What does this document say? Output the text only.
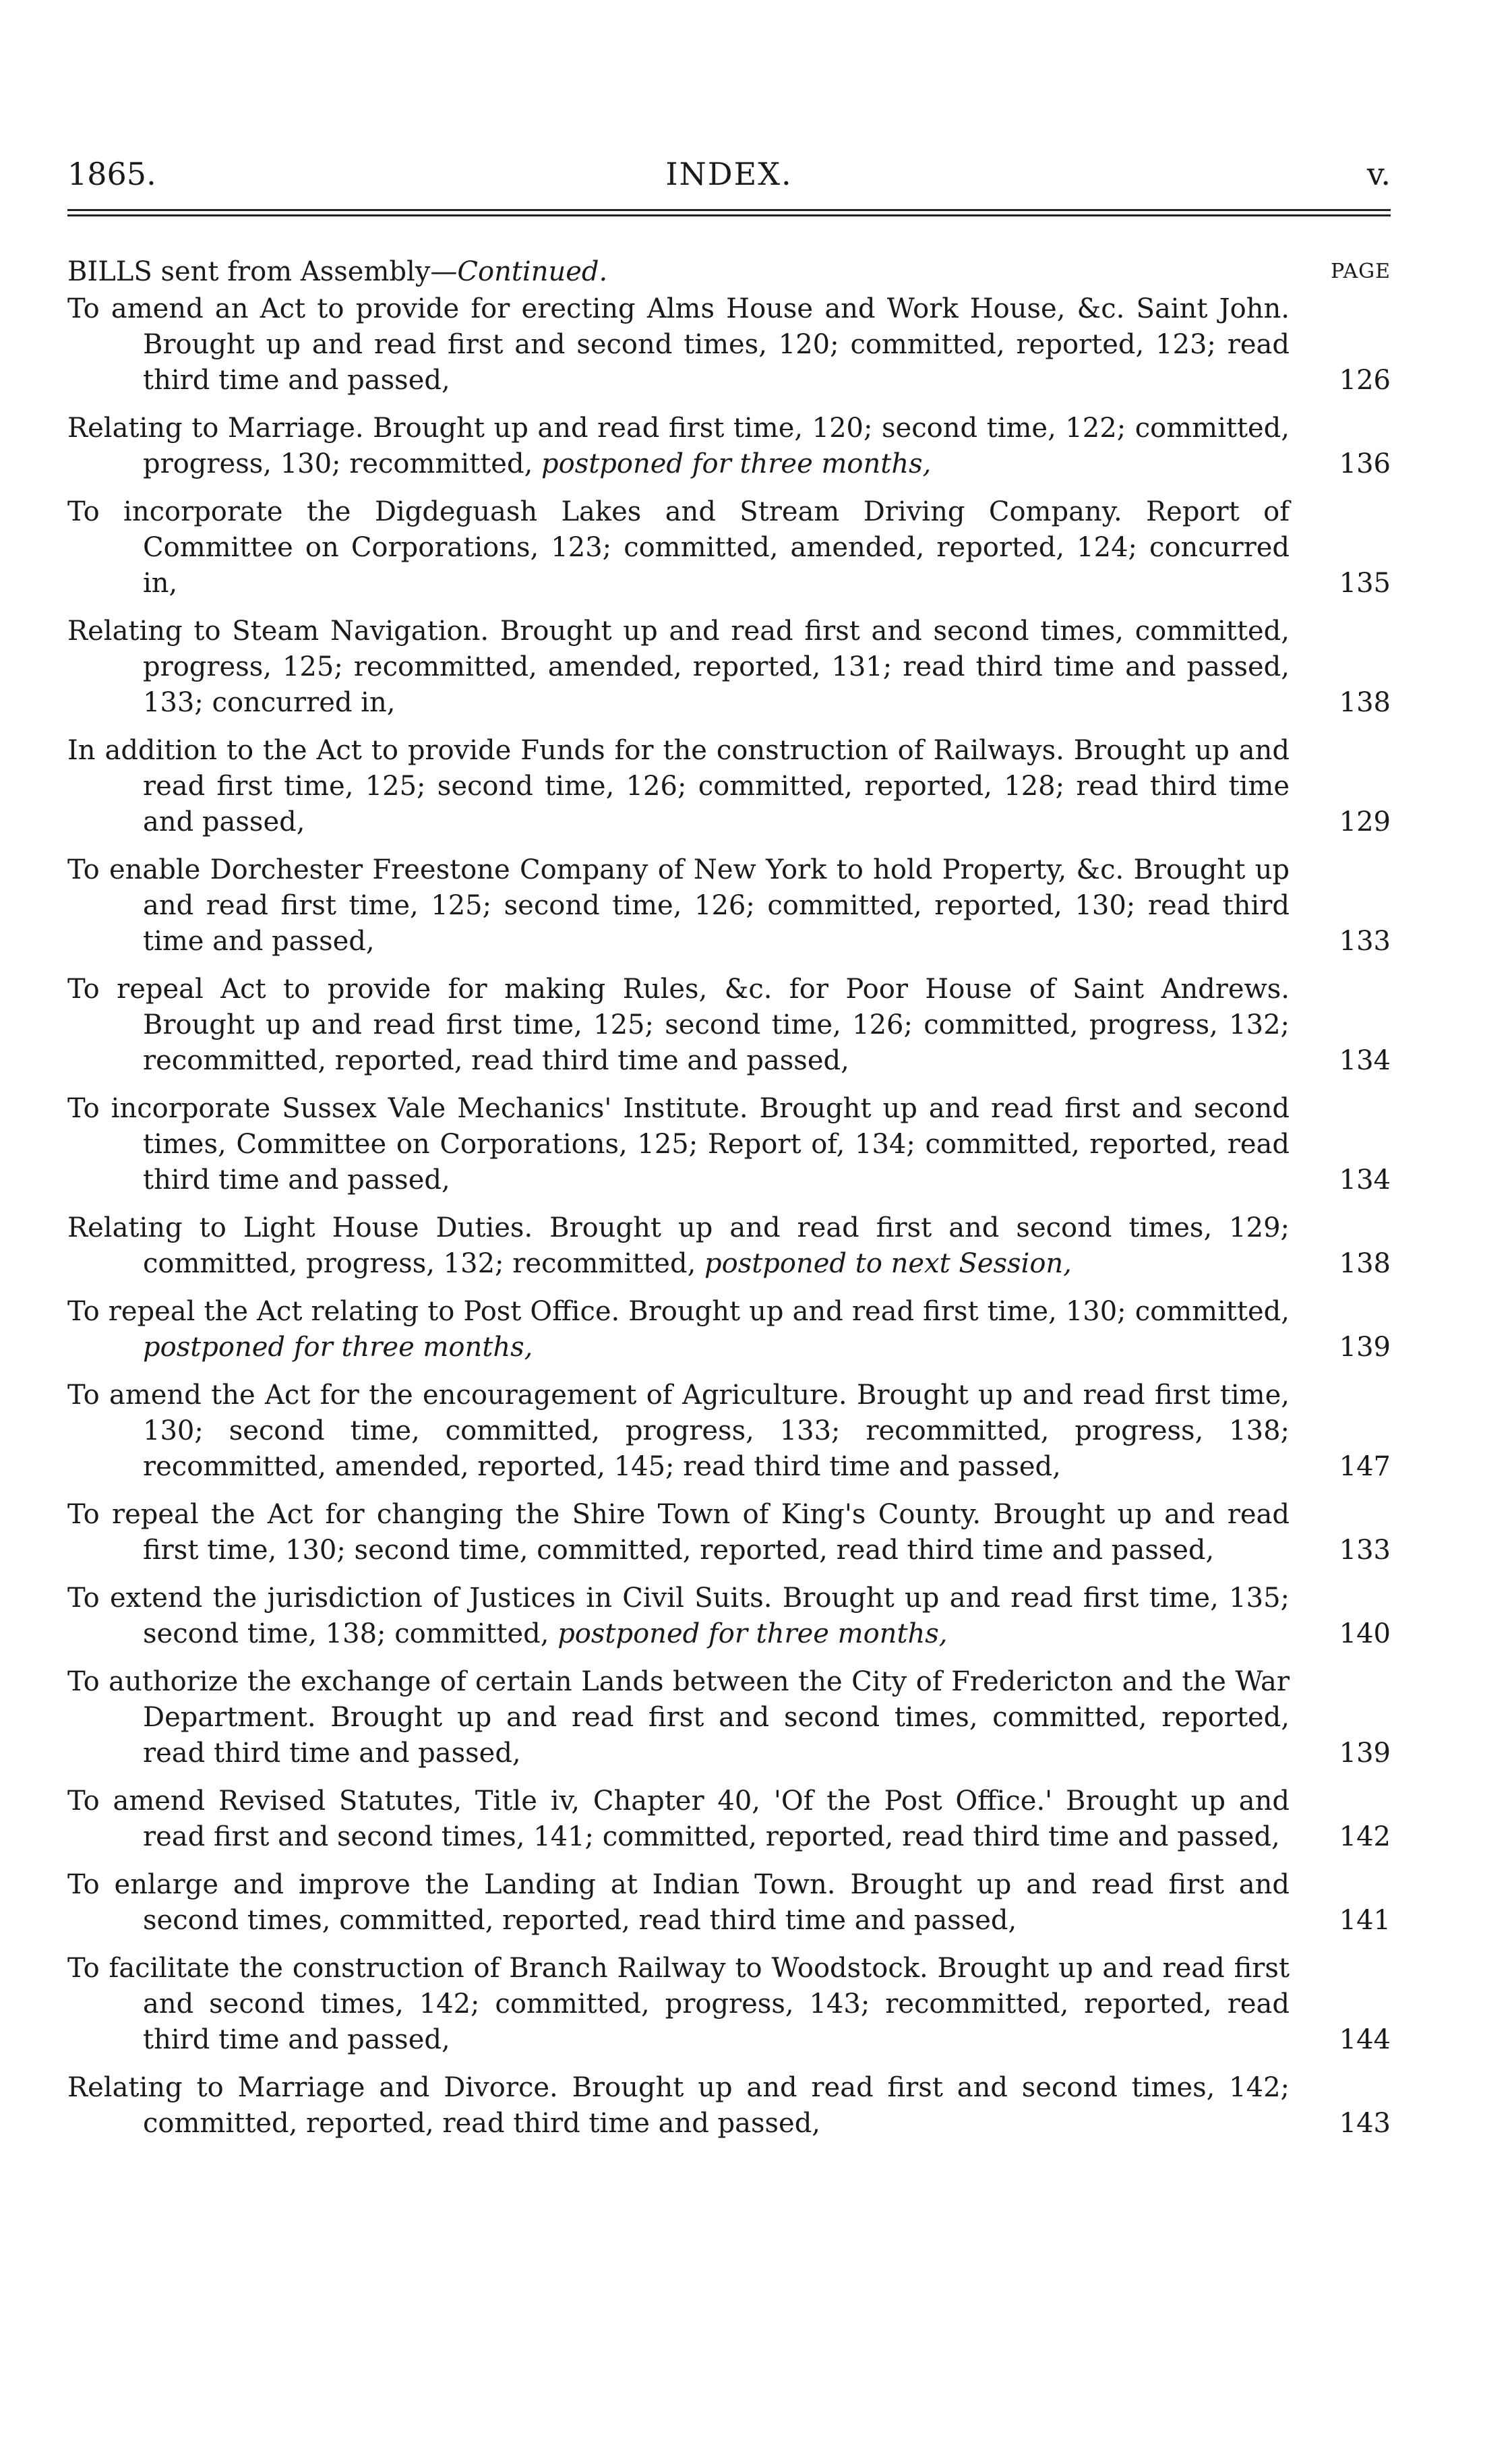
1865.	INDEX.	v.
BILLS sent from Assembly—Continued.	PAGE
To amend an Act to provide for erecting Alms House and Work House, &c. Saint John. Brought up and read first and second times, 120; committed, reported, 123; read third time and passed,	126
Relating to Marriage. Brought up and read first time, 120; second time, 122; committed, progress, 130; recommitted, postponed for three months,	136
To incorporate the Digdeguash Lakes and Stream Driving Company. Report of Committee on Corporations, 123; committed, amended, reported, 124; concurred in,	135
Relating to Steam Navigation. Brought up and read first and second times, committed, progress, 125; recommitted, amended, reported, 131; read third time and passed, 133; concurred in,	138
In addition to the Act to provide Funds for the construction of Railways. Brought up and read first time, 125; second time, 126; committed, reported, 128; read third time and passed,	129
To enable Dorchester Freestone Company of New York to hold Property, &c. Brought up and read first time, 125; second time, 126; committed, reported, 130; read third time and passed,	133
To repeal Act to provide for making Rules, &c. for Poor House of Saint Andrews. Brought up and read first time, 125; second time, 126; committed, progress, 132; recommitted, reported, read third time and passed,	134
To incorporate Sussex Vale Mechanics' Institute. Brought up and read first and second times, Committee on Corporations, 125; Report of, 134; committed, reported, read third time and passed,	134
Relating to Light House Duties. Brought up and read first and second times, 129; committed, progress, 132; recommitted, postponed to next Session,	138
To repeal the Act relating to Post Office. Brought up and read first time, 130; committed, postponed for three months,	139
To amend the Act for the encouragement of Agriculture. Brought up and read first time, 130; second time, committed, progress, 133; recommitted, progress, 138; recommitted, amended, reported, 145; read third time and passed,	147
To repeal the Act for changing the Shire Town of King's County. Brought up and read first time, 130; second time, committed, reported, read third time and passed,	133
To extend the jurisdiction of Justices in Civil Suits. Brought up and read first time, 135; second time, 138; committed, postponed for three months,	140
To authorize the exchange of certain Lands between the City of Fredericton and the War Department. Brought up and read first and second times, committed, reported, read third time and passed,	139
To amend Revised Statutes, Title iv, Chapter 40, 'Of the Post Office.' Brought up and read first and second times, 141; committed, reported, read third time and passed,	142
To enlarge and improve the Landing at Indian Town. Brought up and read first and second times, committed, reported, read third time and passed,	141
To facilitate the construction of Branch Railway to Woodstock. Brought up and read first and second times, 142; committed, progress, 143; recommitted, reported, read third time and passed,	144
Relating to Marriage and Divorce. Brought up and read first and second times, 142; committed, reported, read third time and passed,	143
